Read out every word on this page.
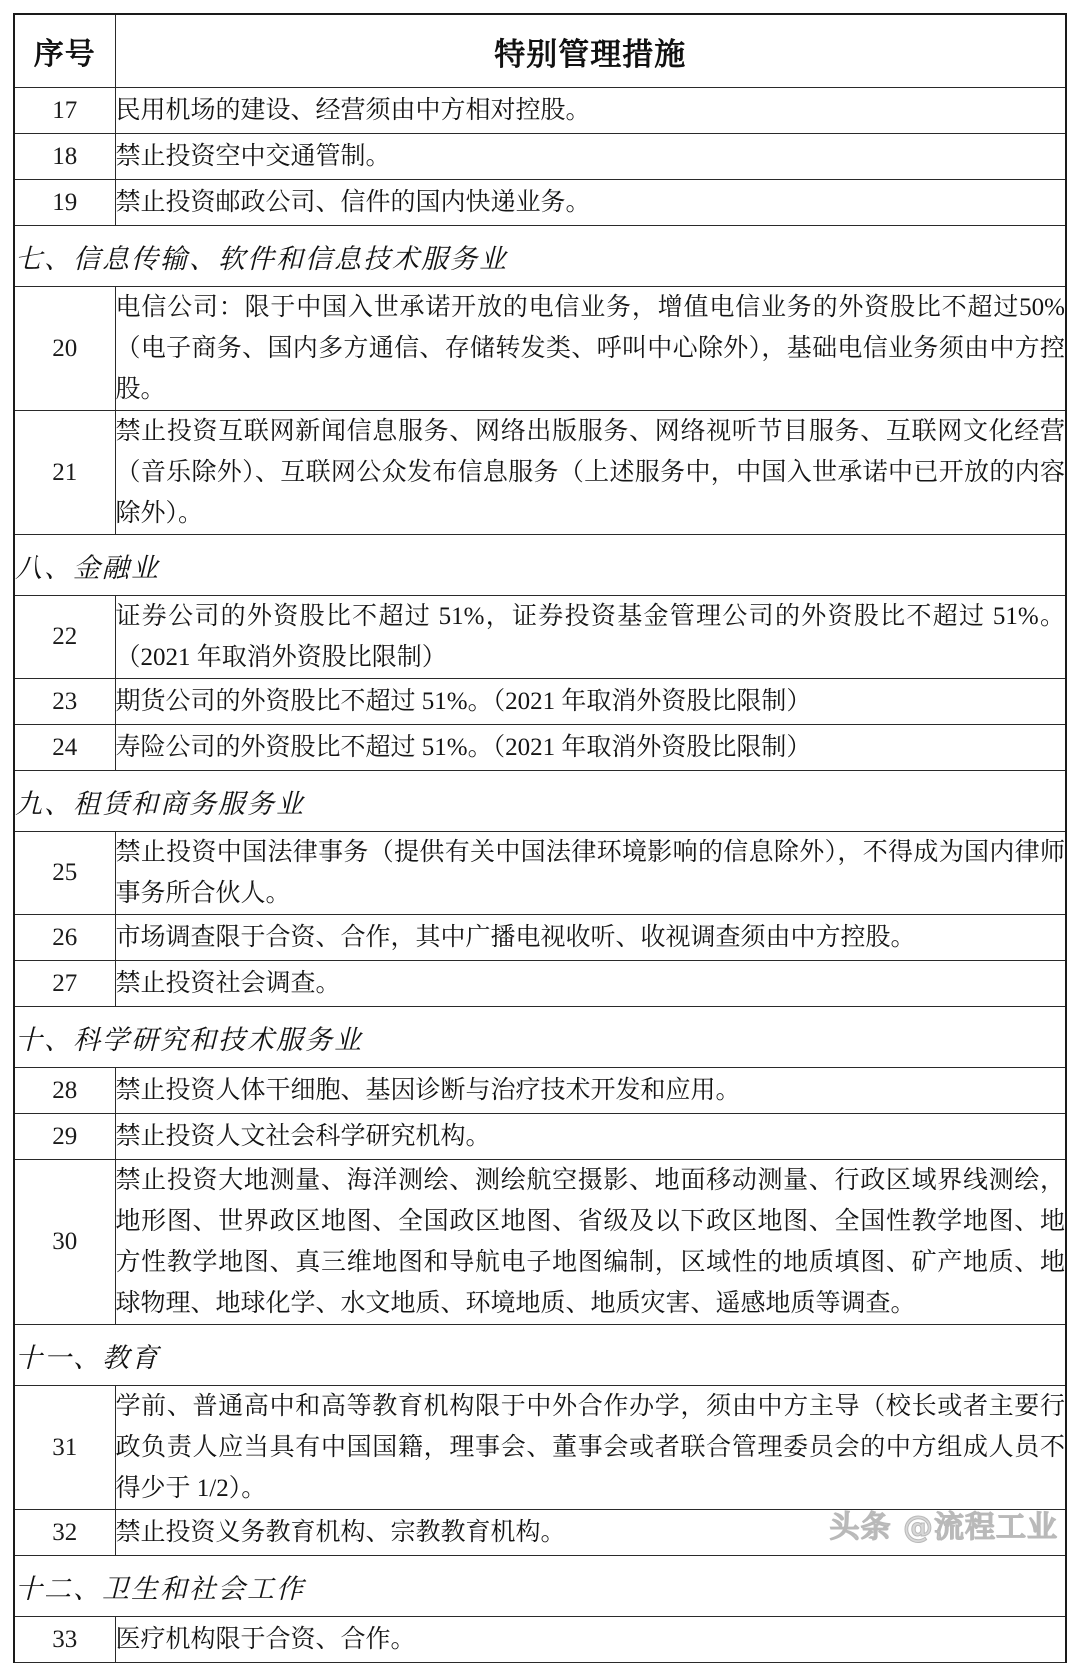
序号	特别管理措施
17	民用机场的建设、经营须由中方相对控股。
18	禁止投资空中交通管制。
19	禁止投资邮政公司、信件的国内快递业务。
七、信息传输、软件和信息技术服务业	
20	电信公司：限于中国入世承诺开放的电信业务，增值电信业务的外资股比不超过50%（电子商务、国内多方通信、存储转发类、呼叫中心除外），基础电信业务须由中方控股。
21	禁止投资互联网新闻信息服务、网络出版服务、网络视听节目服务、互联网文化经营（音乐除外）、互联网公众发布信息服务（上述服务中，中国入世承诺中已开放的内容除外）。
八、金融业	
22	证券公司的外资股比不超过 51%，证券投资基金管理公司的外资股比不超过 51%。（2021 年取消外资股比限制）
23	期货公司的外资股比不超过 51%。（2021 年取消外资股比限制）
24	寿险公司的外资股比不超过 51%。（2021 年取消外资股比限制）
九、租赁和商务服务业	
25	禁止投资中国法律事务（提供有关中国法律环境影响的信息除外），不得成为国内律师事务所合伙人。
26	市场调查限于合资、合作，其中广播电视收听、收视调查须由中方控股。
27	禁止投资社会调查。
十、科学研究和技术服务业	
28	禁止投资人体干细胞、基因诊断与治疗技术开发和应用。
29	禁止投资人文社会科学研究机构。
30	禁止投资大地测量、海洋测绘、测绘航空摄影、地面移动测量、行政区域界线测绘，地形图、世界政区地图、全国政区地图、省级及以下政区地图、全国性教学地图、地方性教学地图、真三维地图和导航电子地图编制，区域性的地质填图、矿产地质、地球物理、地球化学、水文地质、环境地质、地质灾害、遥感地质等调查。
十一、教育	
31	学前、普通高中和高等教育机构限于中外合作办学，须由中方主导（校长或者主要行政负责人应当具有中国国籍，理事会、董事会或者联合管理委员会的中方组成人员不得少于 1/2）。
32	禁止投资义务教育机构、宗教教育机构。
十二、卫生和社会工作	
33	医疗机构限于合资、合作。
头条 @流程工业
